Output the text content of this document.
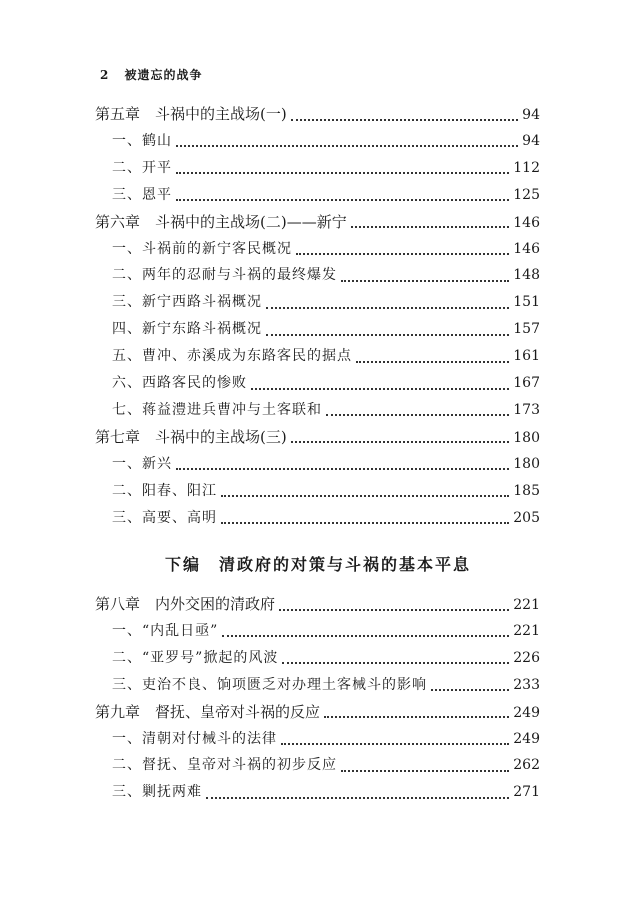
2 被遗忘的战争
第五章　斗祸中的主战场(一)	94
一、鹤山	94
二、开平	112
三、恩平	125
第六章　斗祸中的主战场(二)——新宁	146
一、斗祸前的新宁客民概况	146
二、两年的忍耐与斗祸的最终爆发	148
三、新宁西路斗祸概况	151
四、新宁东路斗祸概况	157
五、曹冲、赤溪成为东路客民的据点	161
六、西路客民的惨败	167
七、蒋益澧进兵曹冲与土客联和	173
第七章　斗祸中的主战场(三)	180
一、新兴	180
二、阳春、阳江	185
三、高要、高明	205
下编 清政府的对策与斗祸的基本平息
第八章　内外交困的清政府	221
一、“内乱日亟”	221
二、“亚罗号”掀起的风波	226
三、吏治不良、饷项匮乏对办理土客械斗的影响	233
第九章　督抚、皇帝对斗祸的反应	249
一、清朝对付械斗的法律	249
二、督抚、皇帝对斗祸的初步反应	262
三、剿抚两难	271
